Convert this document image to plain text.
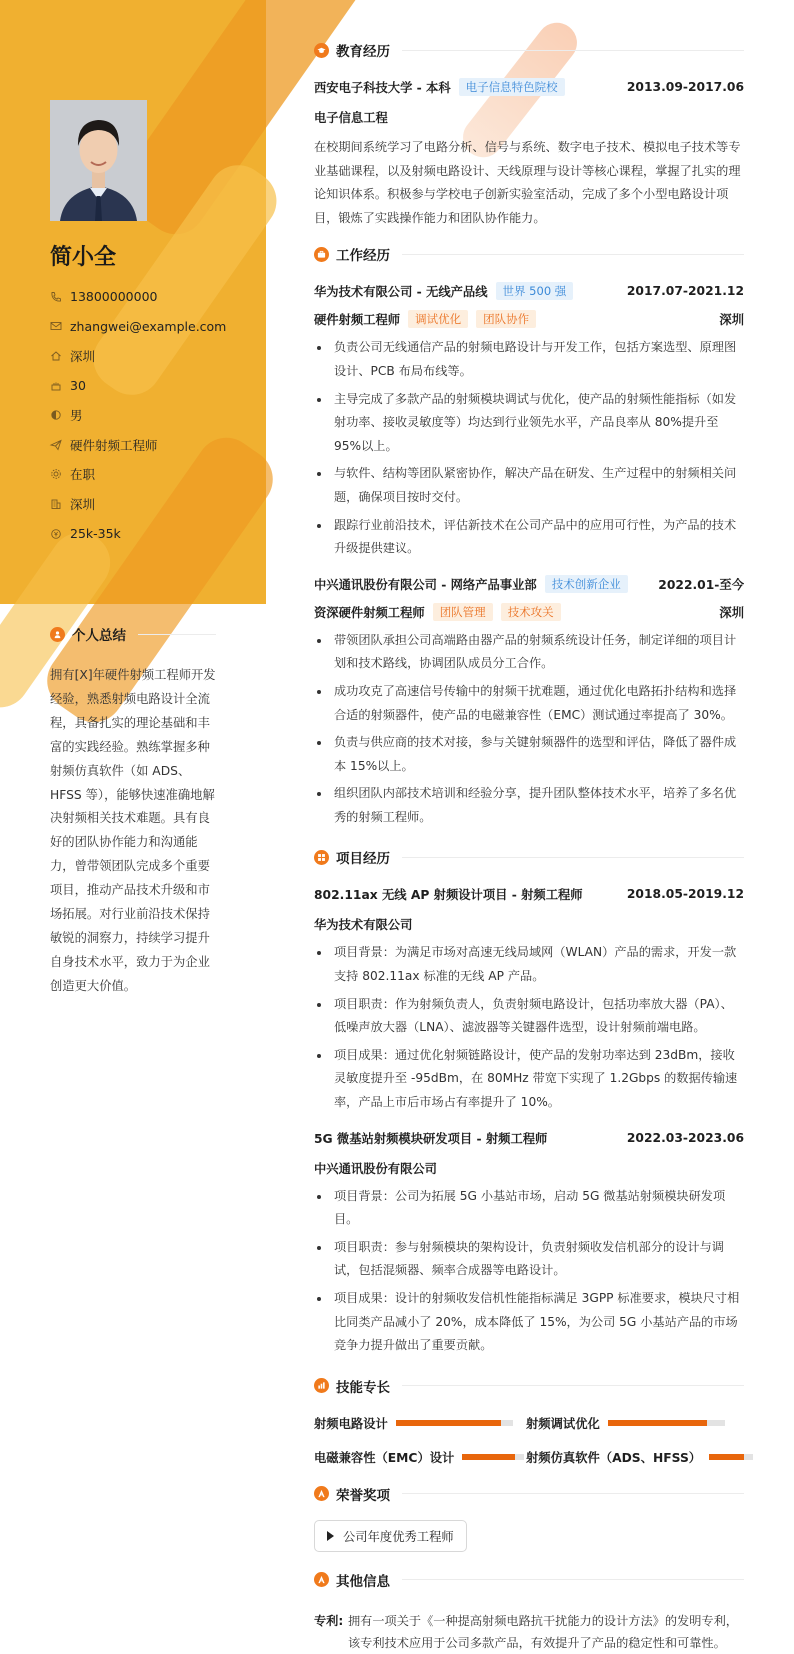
简小全
13800000000
zhangwei@example.com
深圳
30
男
硬件射频工程师
在职
深圳
25k-35k
个人总结

拥有[X]年硬件射频工程师开发经验，熟悉射频电路设计全流程，具备扎实的理论基础和丰富的实践经验。熟练掌握多种射频仿真软件（如 ADS、HFSS 等），能够快速准确地解决射频相关技术难题。具有良好的团队协作能力和沟通能力，曾带领团队完成多个重要项目，推动产品技术升级和市场拓展。对行业前沿技术保持敏锐的洞察力，持续学习提升自身技术水平，致力于为企业创造更大价值。

教育经历
西安电子科技大学 - 本科	电子信息特色院校	2013.09-2017.06
电子信息工程

在校期间系统学习了电路分析、信号与系统、数字电子技术、模拟电子技术等专业基础课程，以及射频电路设计、天线原理与设计等核心课程，掌握了扎实的理论知识体系。积极参与学校电子创新实验室活动，完成了多个小型电路设计项目，锻炼了实践操作能力和团队协作能力。

工作经历
华为技术有限公司 - 无线产品线	世界 500 强	2017.07-2021.12
硬件射频工程师	调试优化	团队协作	深圳
负责公司无线通信产品的射频电路设计与开发工作，包括方案选型、原理图设计、PCB 布局布线等。
主导完成了多款产品的射频模块调试与优化，使产品的射频性能指标（如发射功率、接收灵敏度等）均达到行业领先水平，产品良率从 80%提升至 95%以上。
与软件、结构等团队紧密协作，解决产品在研发、生产过程中的射频相关问题，确保项目按时交付。
跟踪行业前沿技术，评估新技术在公司产品中的应用可行性，为产品的技术升级提供建议。
中兴通讯股份有限公司 - 网络产品事业部	技术创新企业	2022.01-至今
资深硬件射频工程师	团队管理	技术攻关	深圳
带领团队承担公司高端路由器产品的射频系统设计任务，制定详细的项目计划和技术路线，协调团队成员分工合作。
成功攻克了高速信号传输中的射频干扰难题，通过优化电路拓扑结构和选择合适的射频器件，使产品的电磁兼容性（EMC）测试通过率提高了 30%。
负责与供应商的技术对接，参与关键射频器件的选型和评估，降低了器件成本 15%以上。
组织团队内部技术培训和经验分享，提升团队整体技术水平，培养了多名优秀的射频工程师。
项目经历
802.11ax 无线 AP 射频设计项目 - 射频工程师	2018.05-2019.12
华为技术有限公司
项目背景：为满足市场对高速无线局域网（WLAN）产品的需求，开发一款支持 802.11ax 标准的无线 AP 产品。
项目职责：作为射频负责人，负责射频电路设计，包括功率放大器（PA）、低噪声放大器（LNA）、滤波器等关键器件选型，设计射频前端电路。
项目成果：通过优化射频链路设计，使产品的发射功率达到 23dBm，接收灵敏度提升至 -95dBm，在 80MHz 带宽下实现了 1.2Gbps 的数据传输速率，产品上市后市场占有率提升了 10%。
5G 微基站射频模块研发项目 - 射频工程师	2022.03-2023.06
中兴通讯股份有限公司
项目背景：公司为拓展 5G 小基站市场，启动 5G 微基站射频模块研发项目。
项目职责：参与射频模块的架构设计，负责射频收发信机部分的设计与调试，包括混频器、频率合成器等电路设计。
项目成果：设计的射频收发信机性能指标满足 3GPP 标准要求，模块尺寸相比同类产品减小了 20%，成本降低了 15%，为公司 5G 小基站产品的市场竞争力提升做出了重要贡献。
技能专长
射频电路设计	射频调试优化
电磁兼容性（EMC）设计	射频仿真软件（ADS、HFSS）
荣誉奖项
公司年度优秀工程师
其他信息
专利: 拥有一项关于《一种提高射频电路抗干扰能力的设计方法》的发明专利，该专利技术应用于公司多款产品，有效提升了产品的稳定性和可靠性。
